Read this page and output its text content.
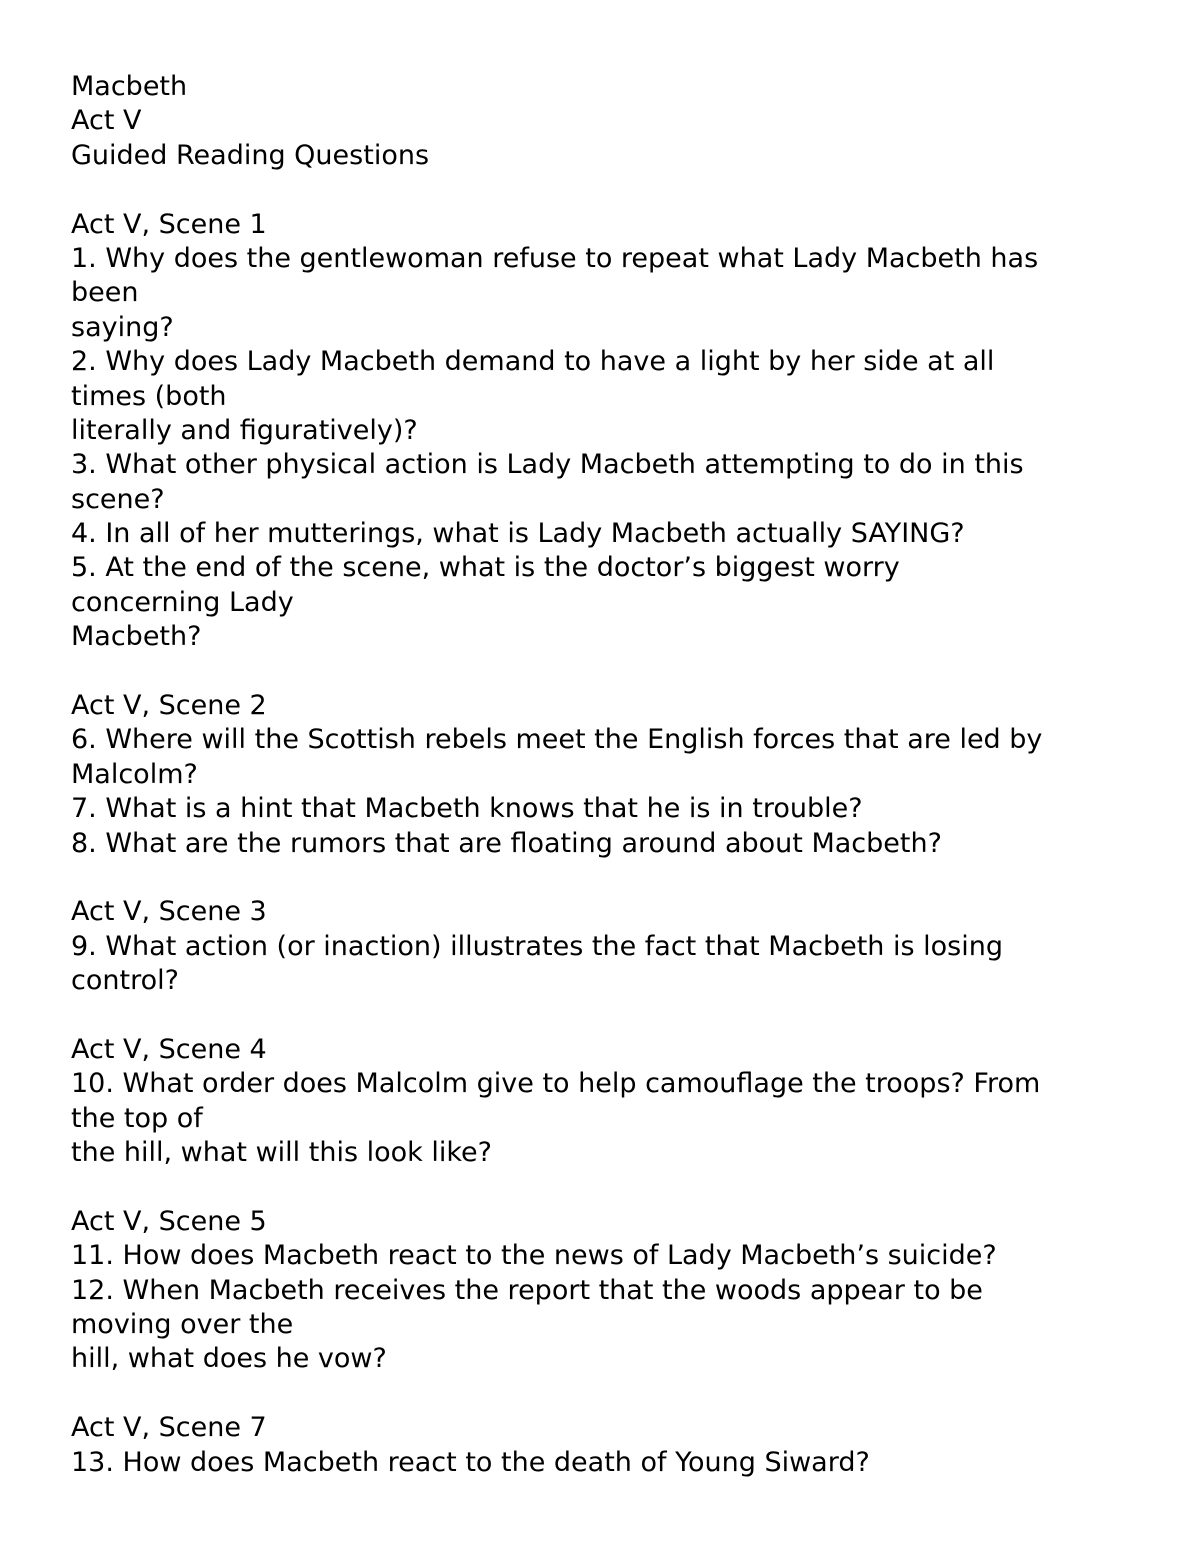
Macbeth
Act V
Guided Reading Questions
Act V, Scene 1
1. Why does the gentlewoman refuse to repeat what Lady Macbeth has
been
saying?
2. Why does Lady Macbeth demand to have a light by her side at all
times (both
literally and figuratively)?
3. What other physical action is Lady Macbeth attempting to do in this
scene?
4. In all of her mutterings, what is Lady Macbeth actually SAYING?
5. At the end of the scene, what is the doctor’s biggest worry
concerning Lady
Macbeth?
Act V, Scene 2
6. Where will the Scottish rebels meet the English forces that are led by
Malcolm?
7. What is a hint that Macbeth knows that he is in trouble?
8. What are the rumors that are floating around about Macbeth?
Act V, Scene 3
9. What action (or inaction) illustrates the fact that Macbeth is losing
control?
Act V, Scene 4
10. What order does Malcolm give to help camouflage the troops? From
the top of
the hill, what will this look like?
Act V, Scene 5
11. How does Macbeth react to the news of Lady Macbeth’s suicide?
12. When Macbeth receives the report that the woods appear to be
moving over the
hill, what does he vow?
Act V, Scene 7
13. How does Macbeth react to the death of Young Siward?
